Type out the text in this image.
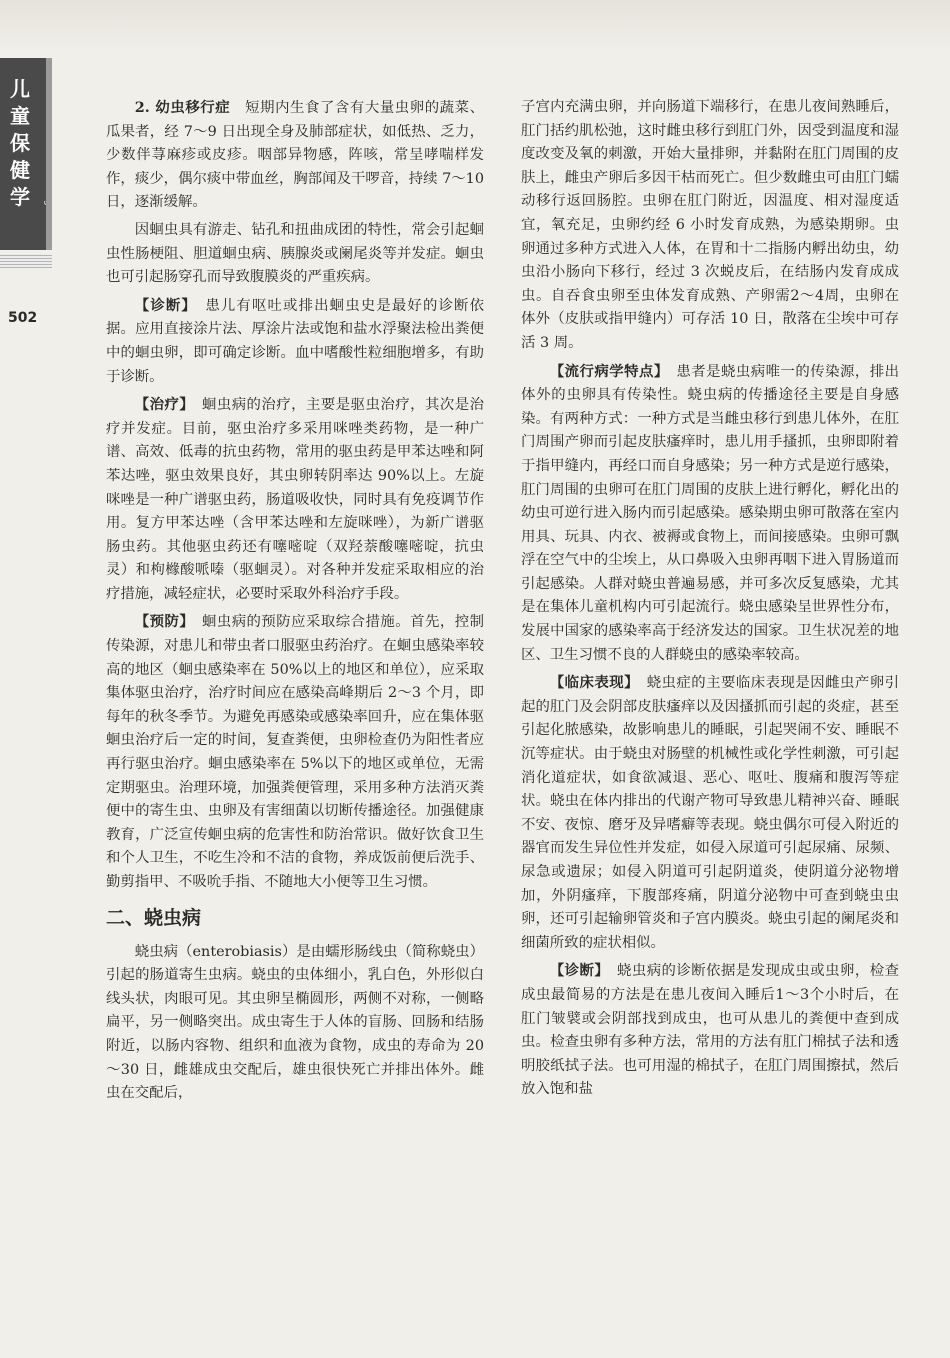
儿童保健学
502

2. 幼虫移行症　 短期内生食了含有大量虫卵的蔬菜、瓜果者，经 7～9 日出现全身及肺部症状，如低热、乏力，少数伴荨麻疹或皮疹。咽部异物感，阵咳，常呈哮喘样发作，痰少，偶尔痰中带血丝，胸部闻及干啰音，持续 7～10 日，逐渐缓解。

因蛔虫具有游走、钻孔和扭曲成团的特性，常会引起蛔虫性肠梗阻、胆道蛔虫病、胰腺炎或阑尾炎等并发症。蛔虫也可引起肠穿孔而导致腹膜炎的严重疾病。

【诊断】　 患儿有呕吐或排出蛔虫史是最好的诊断依据。应用直接涂片法、厚涂片法或饱和盐水浮聚法检出粪便中的蛔虫卵，即可确定诊断。血中嗜酸性粒细胞增多，有助于诊断。

【治疗】　 蛔虫病的治疗，主要是驱虫治疗，其次是治疗并发症。目前，驱虫治疗多采用咪唑类药物，是一种广谱、高效、低毒的抗虫药物，常用的驱虫药是甲苯达唑和阿苯达唑，驱虫效果良好，其虫卵转阴率达 90%以上。左旋咪唑是一种广谱驱虫药，肠道吸收快，同时具有免疫调节作用。复方甲苯达唑（含甲苯达唑和左旋咪唑），为新广谱驱肠虫药。其他驱虫药还有噻嘧啶（双羟萘酸噻嘧啶，抗虫灵）和枸橼酸哌嗪（驱蛔灵）。对各种并发症采取相应的治疗措施，减轻症状，必要时采取外科治疗手段。

【预防】　 蛔虫病的预防应采取综合措施。首先，控制传染源，对患儿和带虫者口服驱虫药治疗。在蛔虫感染率较高的地区（蛔虫感染率在 50%以上的地区和单位），应采取集体驱虫治疗，治疗时间应在感染高峰期后 2～3 个月，即每年的秋冬季节。为避免再感染或感染率回升，应在集体驱蛔虫治疗后一定的时间，复查粪便，虫卵检查仍为阳性者应再行驱虫治疗。蛔虫感染率在 5%以下的地区或单位，无需定期驱虫。治理环境，加强粪便管理，采用多种方法消灭粪便中的寄生虫、虫卵及有害细菌以切断传播途径。加强健康教育，广泛宣传蛔虫病的危害性和防治常识。做好饮食卫生和个人卫生，不吃生冷和不洁的食物，养成饭前便后洗手、勤剪指甲、不吸吮手指、不随地大小便等卫生习惯。

二、蛲虫病

蛲虫病（enterobiasis）是由蠕形肠线虫（简称蛲虫）引起的肠道寄生虫病。蛲虫的虫体细小，乳白色，外形似白线头状，肉眼可见。其虫卵呈椭圆形，两侧不对称，一侧略扁平，另一侧略突出。成虫寄生于人体的盲肠、回肠和结肠附近，以肠内容物、组织和血液为食物，成虫的寿命为 20～30 日，雌雄成虫交配后，雄虫很快死亡并排出体外。雌虫在交配后，

子宫内充满虫卵，并向肠道下端移行，在患儿夜间熟睡后，肛门括约肌松弛，这时雌虫移行到肛门外，因受到温度和湿度改变及氧的刺激，开始大量排卵，并黏附在肛门周围的皮肤上，雌虫产卵后多因干枯而死亡。但少数雌虫可由肛门蠕动移行返回肠腔。虫卵在肛门附近，因温度、相对湿度适宜，氧充足，虫卵约经 6 小时发育成熟，为感染期卵。虫卵通过多种方式进入人体，在胃和十二指肠内孵出幼虫，幼虫沿小肠向下移行，经过 3 次蜕皮后，在结肠内发育成成虫。自吞食虫卵至虫体发育成熟、产卵需2～4周，虫卵在体外（皮肤或指甲缝内）可存活 10 日，散落在尘埃中可存活 3 周。

【流行病学特点】　 患者是蛲虫病唯一的传染源，排出体外的虫卵具有传染性。蛲虫病的传播途径主要是自身感染。有两种方式：一种方式是当雌虫移行到患儿体外，在肛门周围产卵而引起皮肤瘙痒时，患儿用手搔抓，虫卵即附着于指甲缝内，再经口而自身感染；另一种方式是逆行感染，肛门周围的虫卵可在肛门周围的皮肤上进行孵化，孵化出的幼虫可逆行进入肠内而引起感染。感染期虫卵可散落在室内用具、玩具、内衣、被褥或食物上，而间接感染。虫卵可飘浮在空气中的尘埃上，从口鼻吸入虫卵再咽下进入胃肠道而引起感染。人群对蛲虫普遍易感，并可多次反复感染，尤其是在集体儿童机构内可引起流行。蛲虫感染呈世界性分布，发展中国家的感染率高于经济发达的国家。卫生状况差的地区、卫生习惯不良的人群蛲虫的感染率较高。

【临床表现】　 蛲虫症的主要临床表现是因雌虫产卵引起的肛门及会阴部皮肤瘙痒以及因搔抓而引起的炎症，甚至引起化脓感染，故影响患儿的睡眠，引起哭闹不安、睡眠不沉等症状。由于蛲虫对肠壁的机械性或化学性刺激，可引起消化道症状，如食欲减退、恶心、呕吐、腹痛和腹泻等症状。蛲虫在体内排出的代谢产物可导致患儿精神兴奋、睡眠不安、夜惊、磨牙及异嗜癖等表现。蛲虫偶尔可侵入附近的器官而发生异位性并发症，如侵入尿道可引起尿痛、尿频、尿急或遗尿；如侵入阴道可引起阴道炎，使阴道分泌物增加，外阴瘙痒，下腹部疼痛，阴道分泌物中可查到蛲虫虫卵，还可引起输卵管炎和子宫内膜炎。蛲虫引起的阑尾炎和细菌所致的症状相似。

【诊断】　 蛲虫病的诊断依据是发现成虫或虫卵，检查成虫最简易的方法是在患儿夜间入睡后1～3个小时后，在肛门皱襞或会阴部找到成虫，也可从患儿的粪便中查到成虫。检查虫卵有多种方法，常用的方法有肛门棉拭子法和透明胶纸拭子法。也可用湿的棉拭子，在肛门周围擦拭，然后放入饱和盐
